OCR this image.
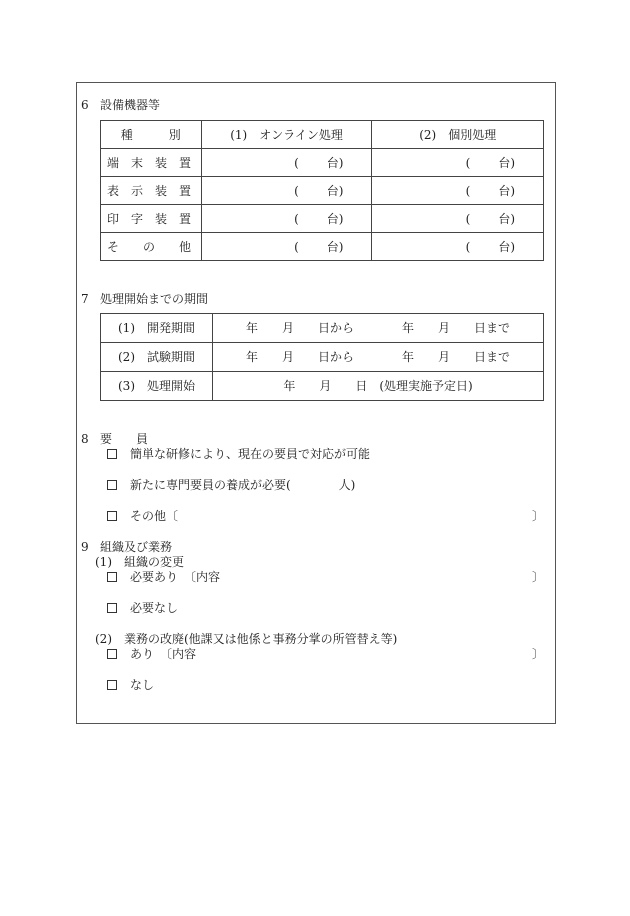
6 設備機器等
種　　　別	(1)　オンライン処理	(2)　個別処理
端　末　装　置	( 台)	( 台)

表　示　装　置	( 台)	( 台)

印　字　装　置	( 台)	( 台)

そ　　の　　他	( 台)	( 台)
7 処理開始までの期間
(1)　開発期間	年　　月　　日から　　　　年　　月　　日まで
(2)　試験期間	年　　月　　日から　　　　年　　月　　日まで
(3)　処理開始	年　　月　　日　(処理実施予定日)
8 要　　員
簡単な研修により、現在の要員で対応が可能
新たに専門要員の養成が必要(　　　　人)
その他〔	〕
9 組織及び業務
(1)　組織の変更
必要あり　〔内容	〕
必要なし
(2)　業務の改廃(他課又は他係と事務分掌の所管替え等)
あり　〔内容	〕
なし
